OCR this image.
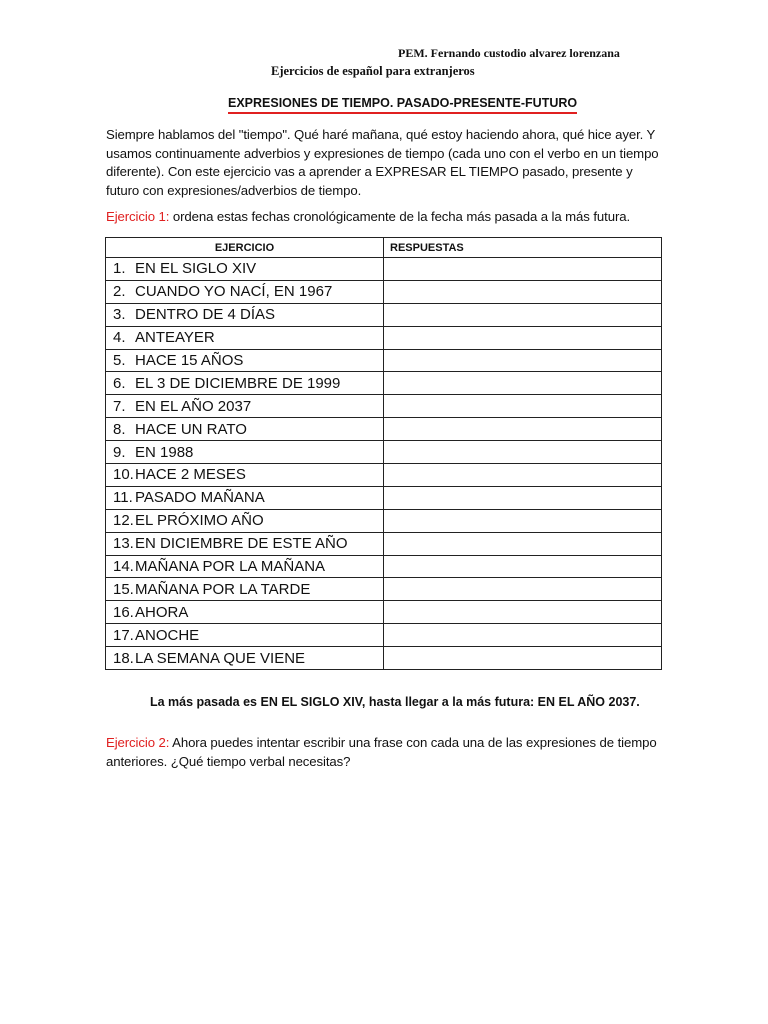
PEM. Fernando custodio alvarez lorenzana
Ejercicios de español para extranjeros
EXPRESIONES DE TIEMPO. PASADO-PRESENTE-FUTURO
Siempre hablamos del "tiempo". Qué haré mañana, qué estoy haciendo ahora, qué hice ayer. Y usamos continuamente adverbios y expresiones de tiempo (cada uno con el verbo en un tiempo diferente). Con este ejercicio vas a aprender a EXPRESAR EL TIEMPO pasado, presente y futuro con expresiones/adverbios de tiempo.
Ejercicio 1: ordena estas fechas cronológicamente de la fecha más pasada a la más futura.
EJERCICIO	RESPUESTAS
1. EN EL SIGLO XIV	
2. CUANDO YO NACÍ, EN 1967	
3. DENTRO DE 4 DÍAS	
4. ANTEAYER	
5. HACE 15 AÑOS	
6. EL 3 DE DICIEMBRE DE 1999	
7. EN EL AÑO 2037	
8. HACE UN RATO	
9. EN 1988	
10.HACE 2 MESES	
11. PASADO MAÑANA	
12.EL PRÓXIMO AÑO	
13.EN DICIEMBRE DE ESTE AÑO	
14.MAÑANA POR LA MAÑANA	
15.MAÑANA POR LA TARDE	
16.AHORA	
17.ANOCHE	
18.LA SEMANA QUE VIENE	
La más pasada es EN EL SIGLO XIV, hasta llegar a la más futura: EN EL AÑO 2037.
Ejercicio 2: Ahora puedes intentar escribir una frase con cada una de las expresiones de tiempo anteriores. ¿Qué tiempo verbal necesitas?
